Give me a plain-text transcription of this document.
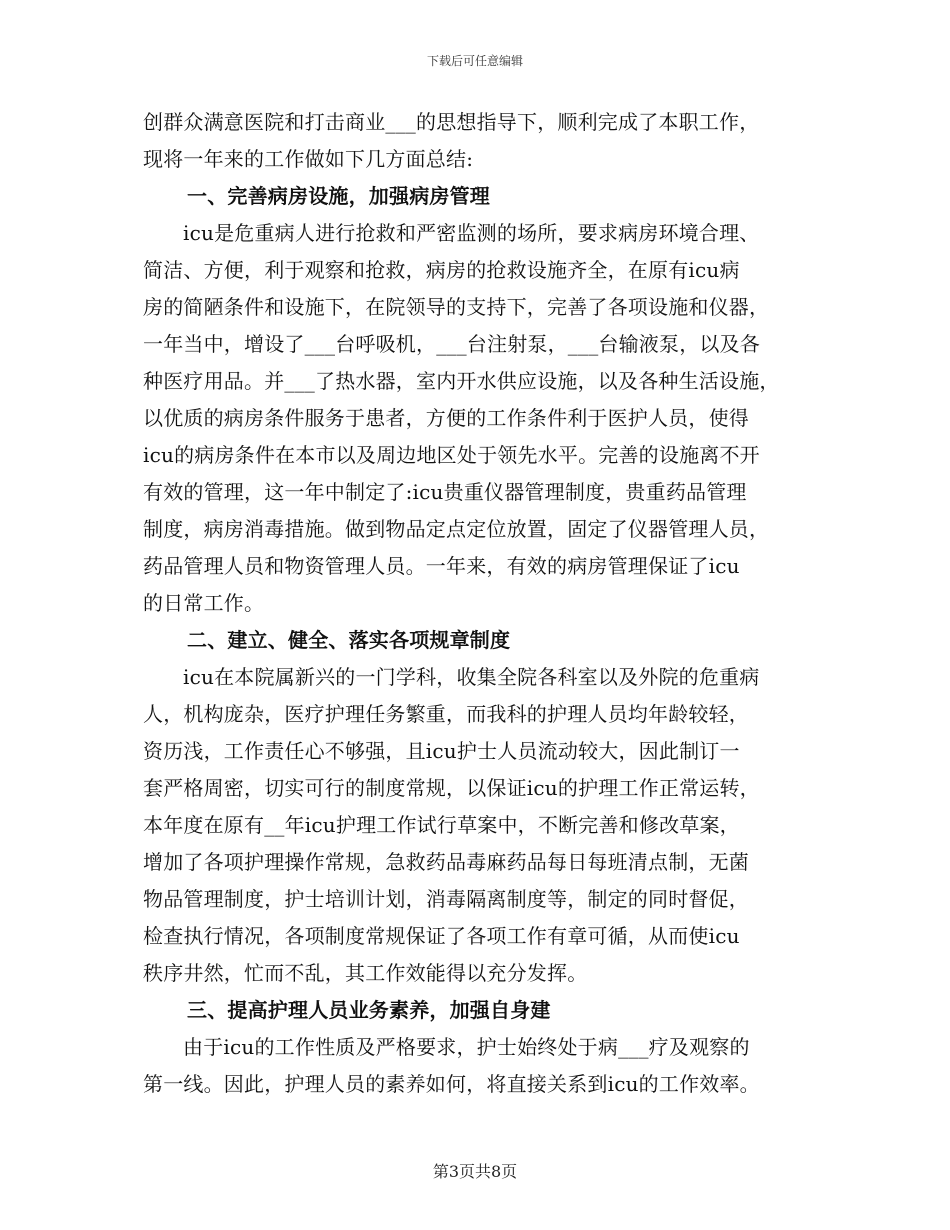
下载后可任意编辑
创群众满意医院和打击商业___的思想指导下，顺利完成了本职工作，
现将一年来的工作做如下几方面总结:
一、完善病房设施，加强病房管理
icu是危重病人进行抢救和严密监测的场所，要求病房环境合理、
简洁、方便，利于观察和抢救，病房的抢救设施齐全，在原有icu病
房的简陋条件和设施下，在院领导的支持下，完善了各项设施和仪器，
一年当中，增设了___台呼吸机，___台注射泵，___台输液泵，以及各
种医疗用品。并___了热水器，室内开水供应设施，以及各种生活设施，
以优质的病房条件服务于患者，方便的工作条件利于医护人员，使得
icu的病房条件在本市以及周边地区处于领先水平。完善的设施离不开
有效的管理，这一年中制定了:icu贵重仪器管理制度，贵重药品管理
制度，病房消毒措施。做到物品定点定位放置，固定了仪器管理人员，
药品管理人员和物资管理人员。一年来，有效的病房管理保证了icu
的日常工作。
二、建立、健全、落实各项规章制度
icu在本院属新兴的一门学科，收集全院各科室以及外院的危重病
人，机构庞杂，医疗护理任务繁重，而我科的护理人员均年龄较轻，
资历浅，工作责任心不够强，且icu护士人员流动较大，因此制订一
套严格周密，切实可行的制度常规，以保证icu的护理工作正常运转，
本年度在原有__年icu护理工作试行草案中，不断完善和修改草案，
增加了各项护理操作常规，急救药品毒麻药品每日每班清点制，无菌
物品管理制度，护士培训计划，消毒隔离制度等，制定的同时督促，
检查执行情况，各项制度常规保证了各项工作有章可循，从而使icu
秩序井然，忙而不乱，其工作效能得以充分发挥。
三、提高护理人员业务素养，加强自身建
由于icu的工作性质及严格要求，护士始终处于病___疗及观察的
第一线。因此，护理人员的素养如何，将直接关系到icu的工作效率。
第3页共8页
